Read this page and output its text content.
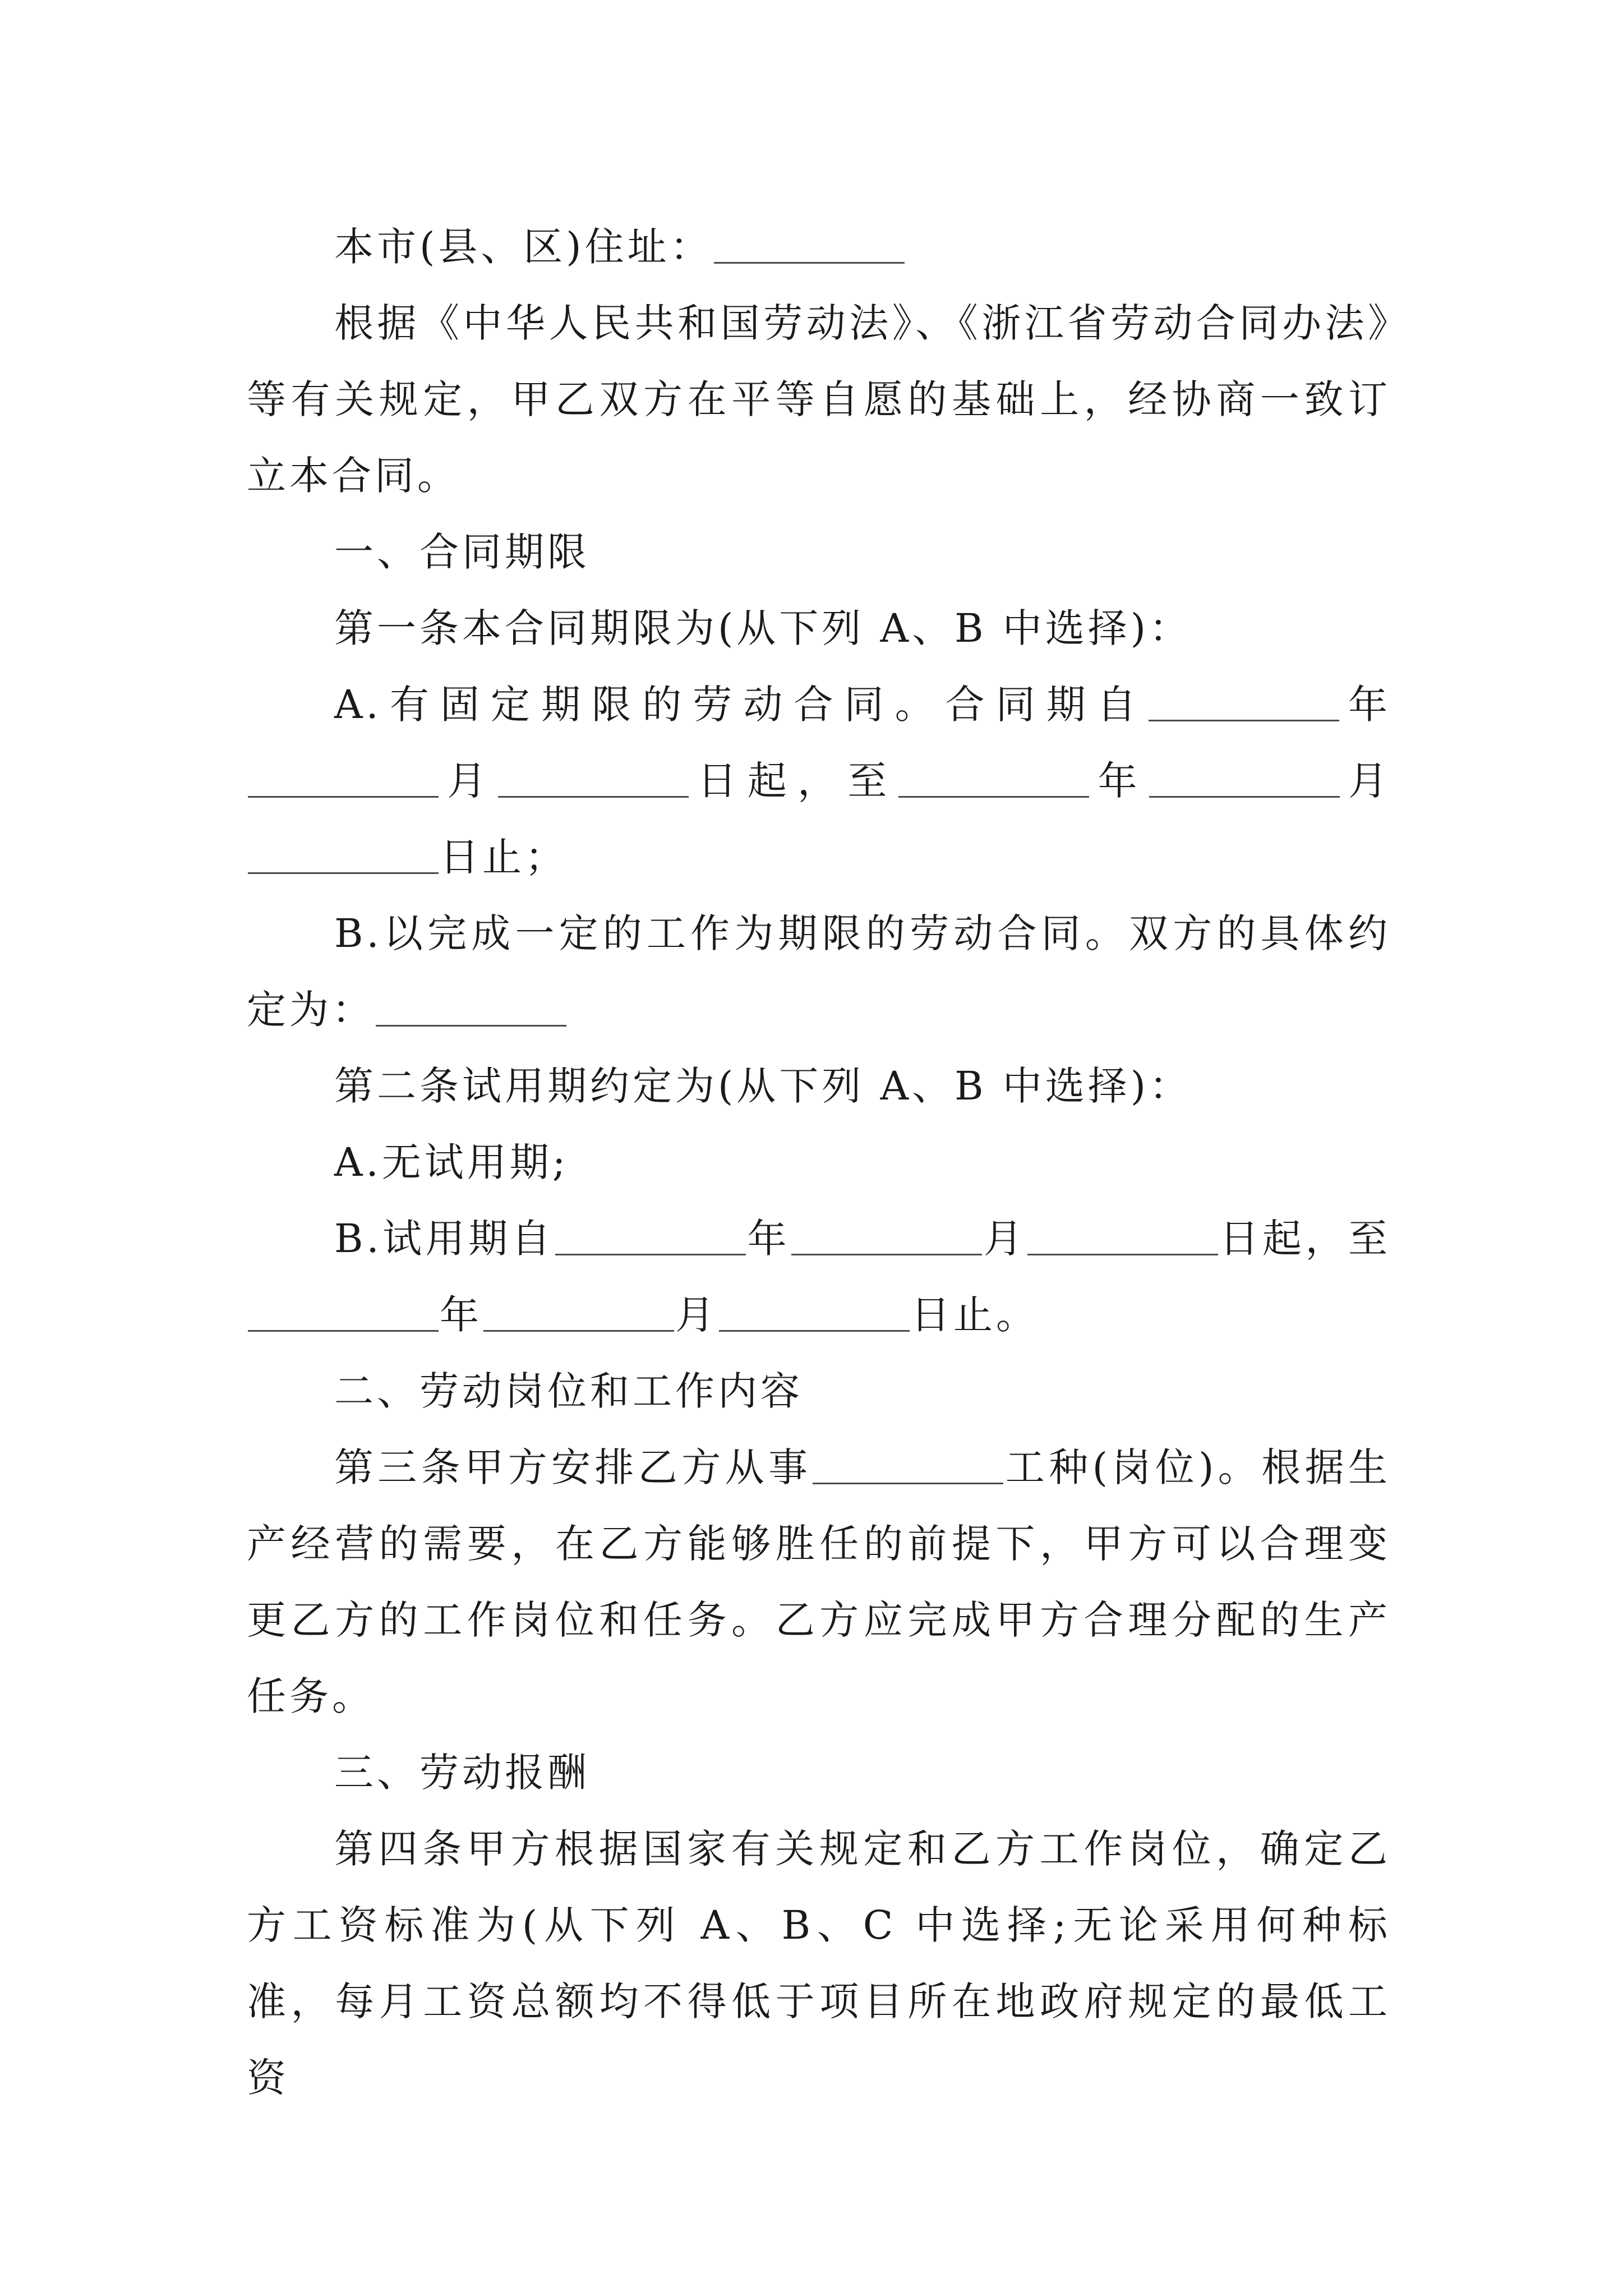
本市(县、区)住址：

根据《中华人民共和国劳动法》、《浙江省劳动合同办法》等有关规定，甲乙双方在平等自愿的基础上，经协商一致订立本合同。

一、合同期限

第一条本合同期限为(从下列 A、B 中选择)：

A.有固定期限的劳动合同。合同期自	年月	日起，至	年	月日止；

B.以完成一定的工作为期限的劳动合同。双方的具体约定为：

第二条试用期约定为(从下列 A、B 中选择)：

A.无试用期;

B.试用期自	年	月	日起，至年	月	日止。

二、劳动岗位和工作内容

第三条甲方安排乙方从事	工种(岗位)。根据生产经营的需要，在乙方能够胜任的前提下，甲方可以合理变更乙方的工作岗位和任务。乙方应完成甲方合理分配的生产任务。

三、劳动报酬

第四条甲方根据国家有关规定和乙方工作岗位，确定乙方工资标准为(从下列 A、B、C 中选择;无论采用何种标准，每月工资总额均不得低于项目所在地政府规定的最低工资
